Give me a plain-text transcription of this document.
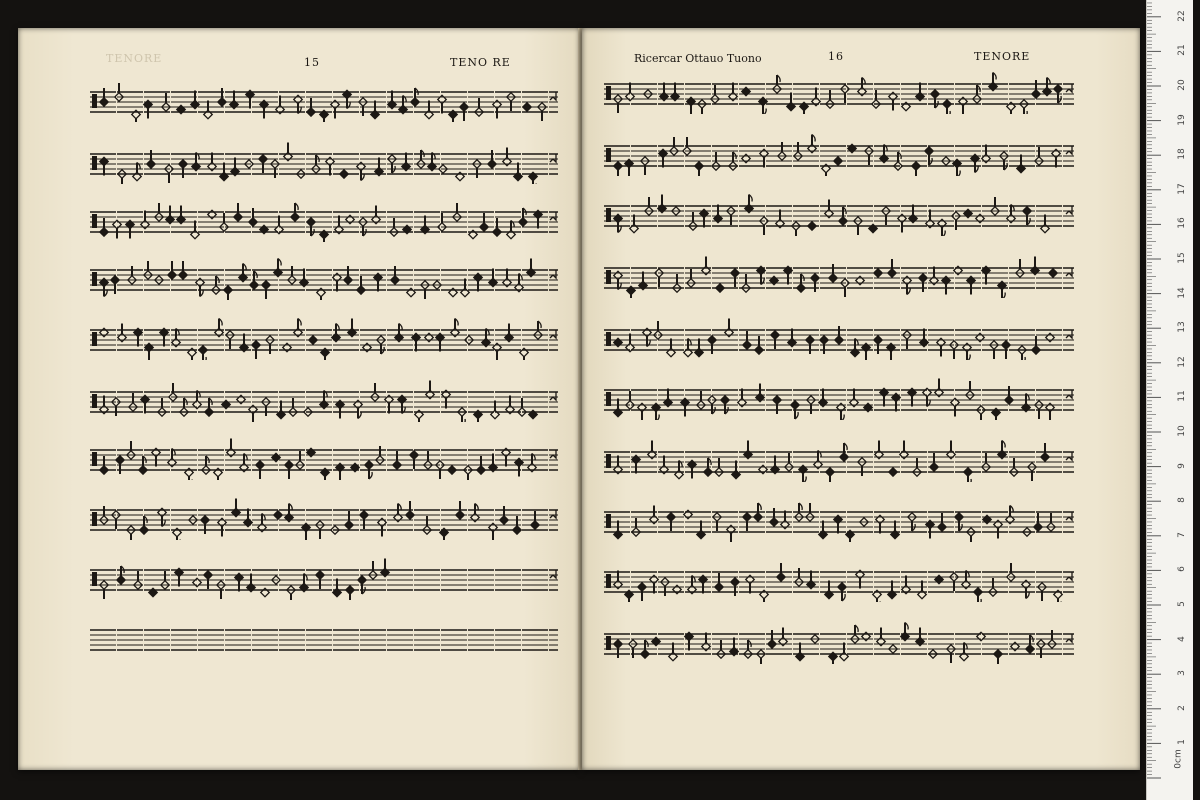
TENORE	15	TENO RE	Ricercar Ottauo Tuono	16	TENORE
0cm
1
2
3
4
5
6
7
8
9
10
11
12
13
14
15
16
17
18
19
20
21
22
